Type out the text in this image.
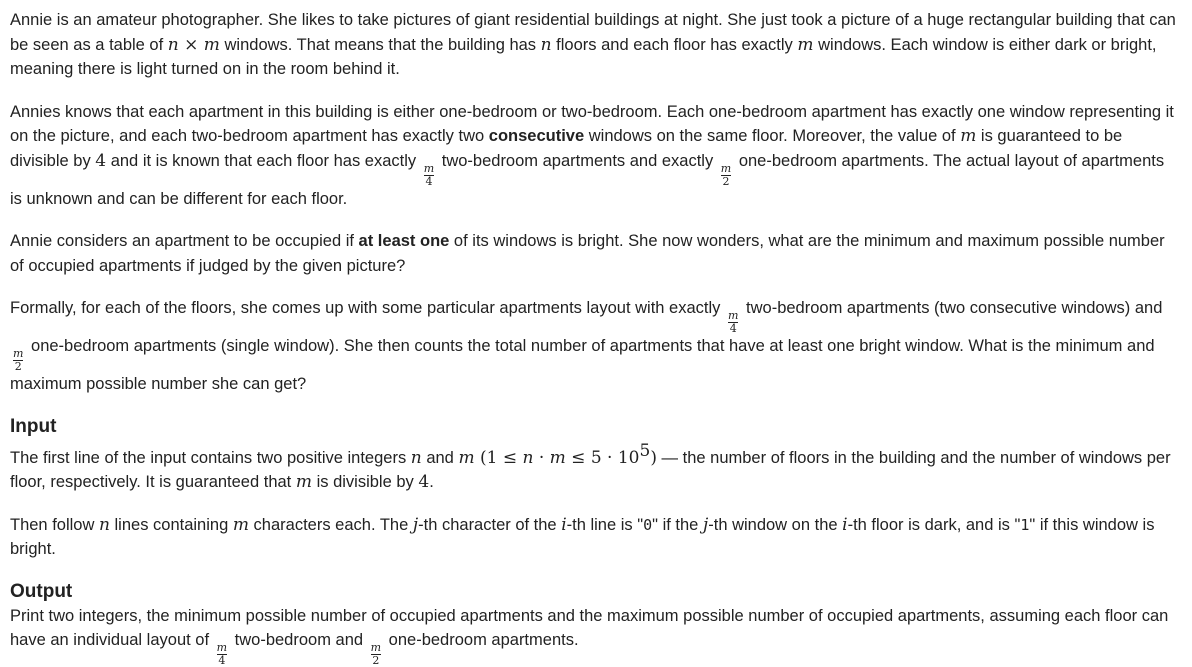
Annie is an amateur photographer. She likes to take pictures of giant residential buildings at night. She just took a picture of a huge rectangular building that can be seen as a table of n × m windows. That means that the building has n floors and each floor has exactly m windows. Each window is either dark or bright, meaning there is light turned on in the room behind it.

Annies knows that each apartment in this building is either one-bedroom or two-bedroom. Each one-bedroom apartment has exactly one window representing it on the picture, and each two-bedroom apartment has exactly two consecutive windows on the same floor. Moreover, the value of m is guaranteed to be divisible by 4 and it is known that each floor has exactly
$\frac{m}{4}$
two-bedroom apartments and exactly
$\frac{m}{2}$
one-bedroom apartments. The actual layout of apartments is unknown and can be different for each floor.

Annie considers an apartment to be occupied if at least one of its windows is bright. She now wonders, what are the minimum and maximum possible number of occupied apartments if judged by the given picture?

Formally, for each of the floors, she comes up with some particular apartments layout with exactly
$\frac{m}{4}$
two-bedroom apartments (two consecutive windows) and
$\frac{m}{2}$
one-bedroom apartments (single window). She then counts the total number of apartments that have at least one bright window. What is the minimum and maximum possible number she can get?

Input

The first line of the input contains two positive integers n and m $(1 \le n \cdot m \le 5 \cdot 10^5)$ — the number of floors in the building and the number of windows per floor, respectively. It is guaranteed that m is divisible by 4.

Then follow n lines containing m characters each. The j-th character of the i-th line is "0" if the j-th window on the i-th floor is dark, and is "1" if this window is bright.

Output

Print two integers, the minimum possible number of occupied apartments and the maximum possible number of occupied apartments, assuming each floor can have an individual layout of
$\frac{m}{4}$
two-bedroom and
$\frac{m}{2}$
one-bedroom apartments.
